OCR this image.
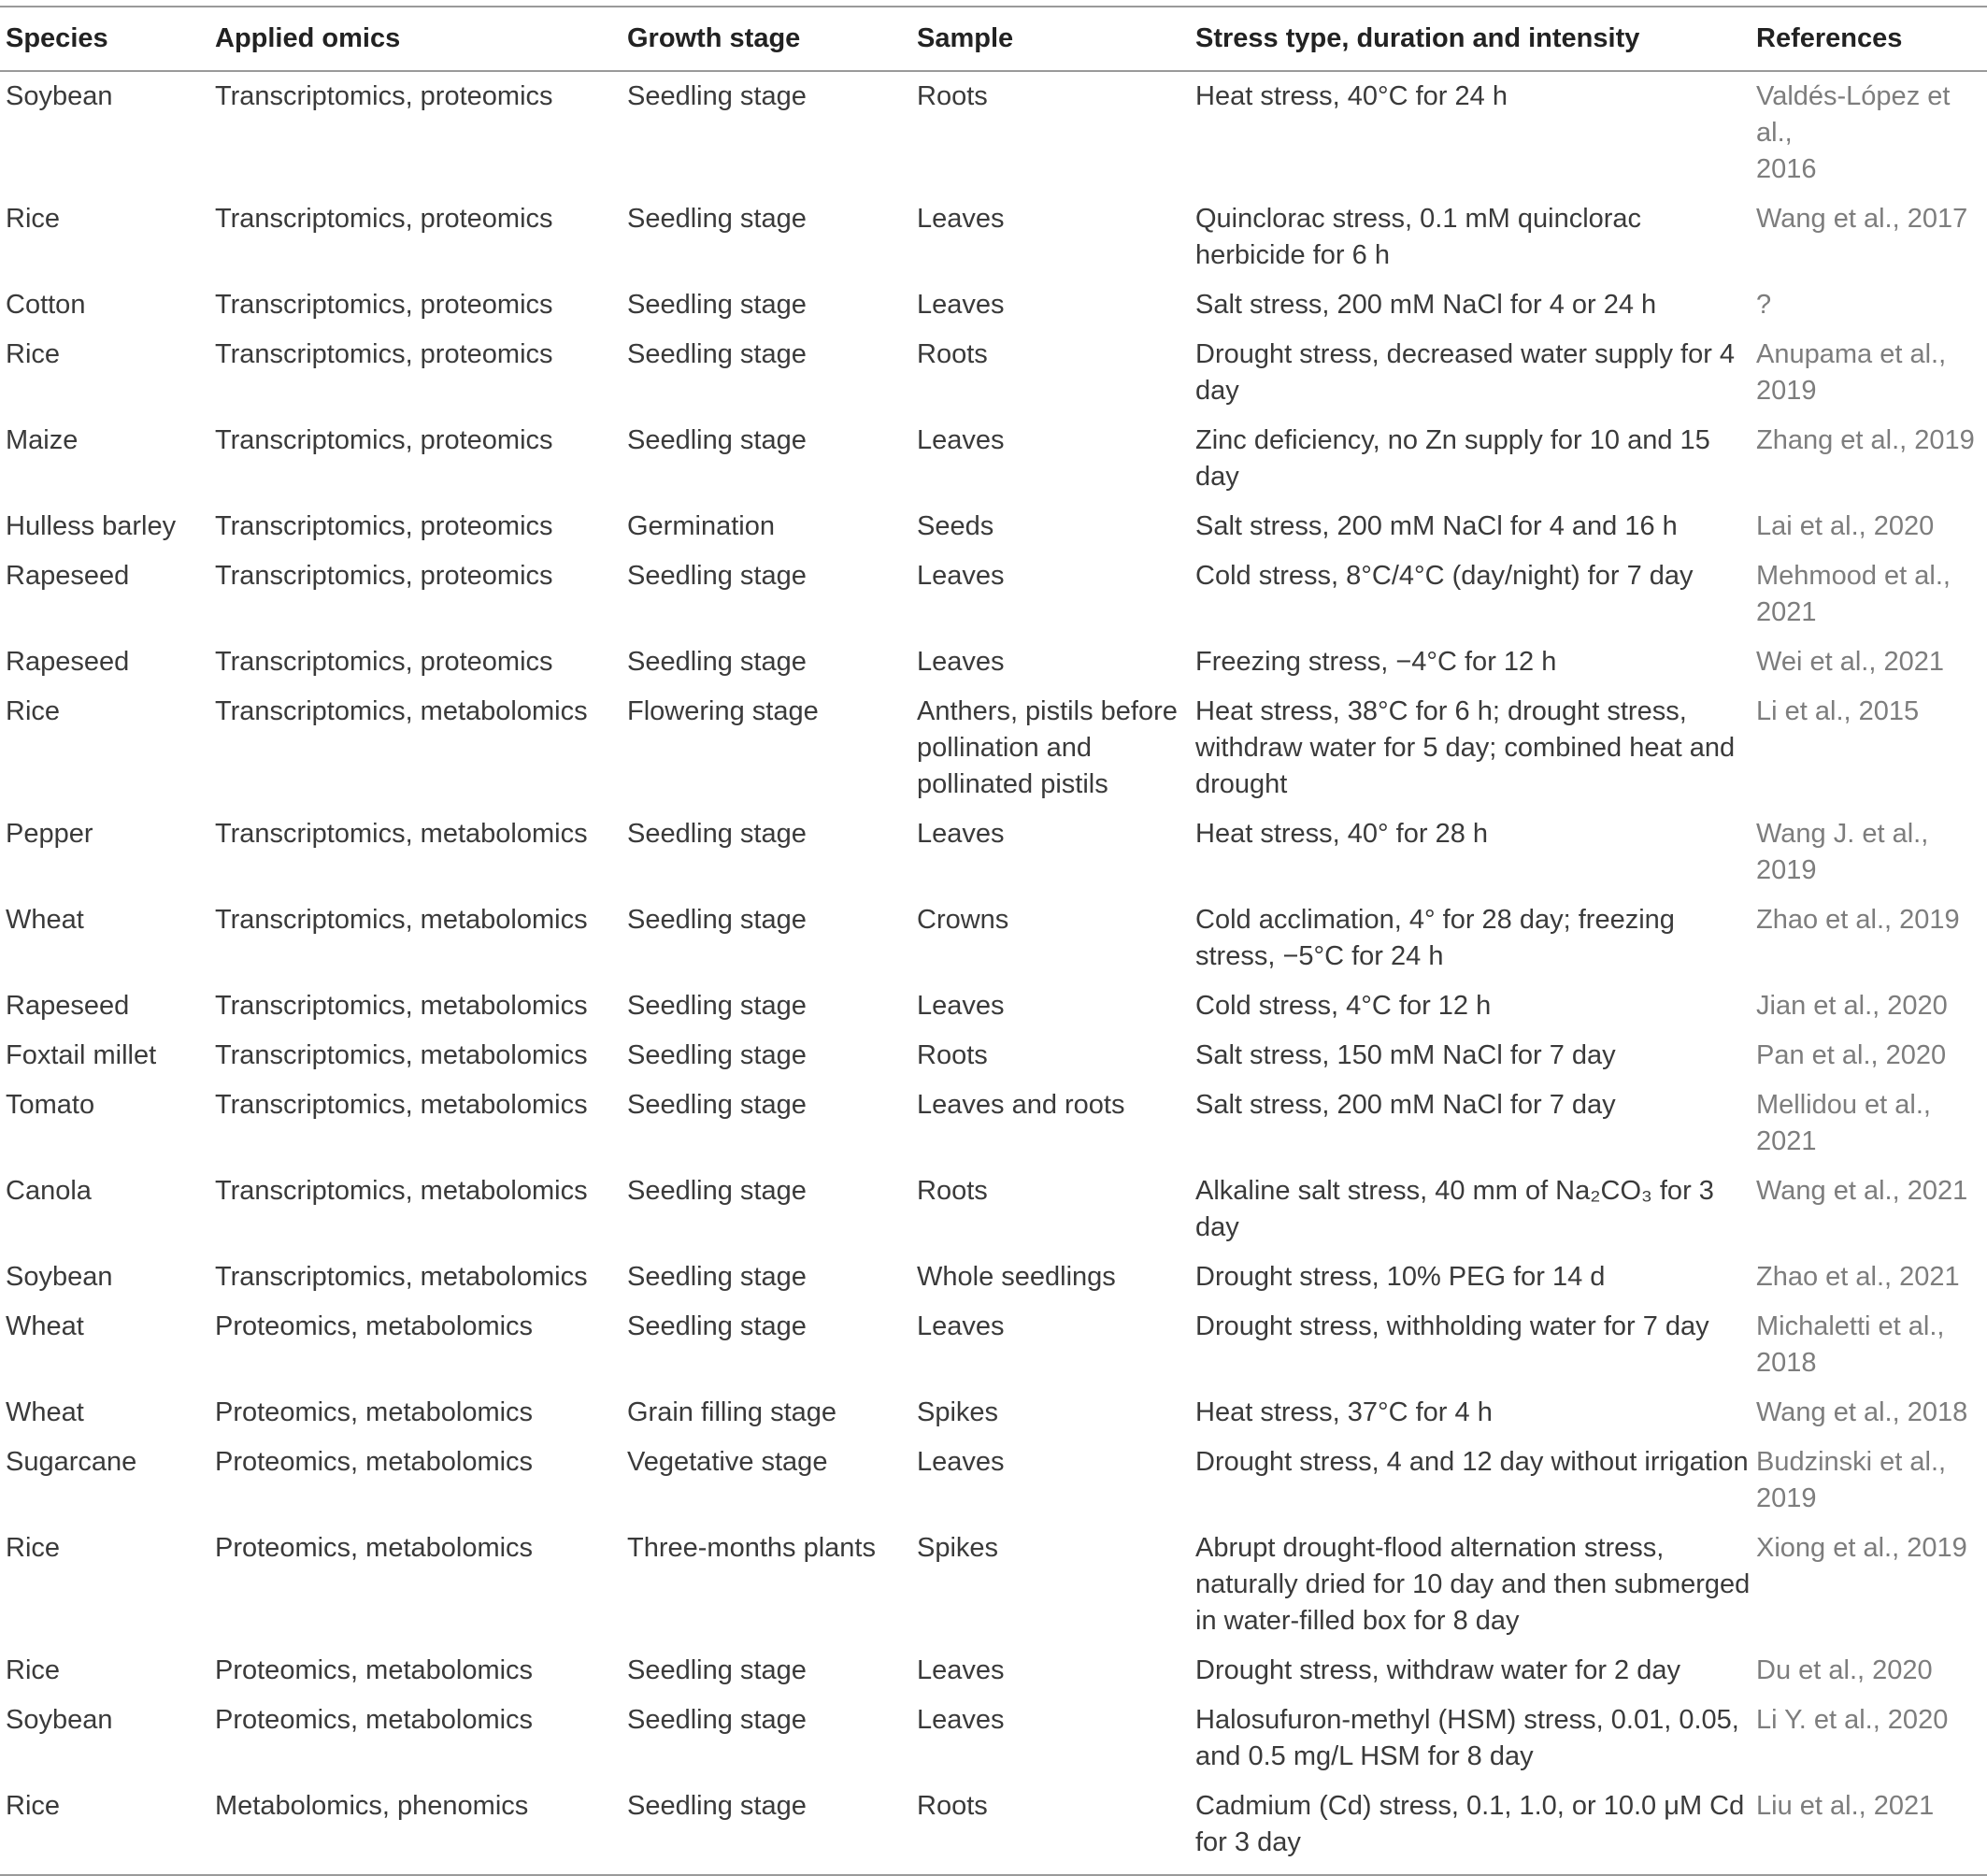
Species	Applied omics	Growth stage	Sample	Stress type, duration and intensity	References
Soybean	Transcriptomics, proteomics	Seedling stage	Roots	Heat stress, 40°C for 24 h	Valdés-López et al.,
2016
Rice	Transcriptomics, proteomics	Seedling stage	Leaves	Quinclorac stress, 0.1 mM quinclorac herbicide for 6 h	Wang et al., 2017
Cotton	Transcriptomics, proteomics	Seedling stage	Leaves	Salt stress, 200 mM NaCl for 4 or 24 h	?
Rice	Transcriptomics, proteomics	Seedling stage	Roots	Drought stress, decreased water supply for 4 day	Anupama et al.,
2019
Maize	Transcriptomics, proteomics	Seedling stage	Leaves	Zinc deficiency, no Zn supply for 10 and 15 day	Zhang et al., 2019
Hulless barley	Transcriptomics, proteomics	Germination	Seeds	Salt stress, 200 mM NaCl for 4 and 16 h	Lai et al., 2020
Rapeseed	Transcriptomics, proteomics	Seedling stage	Leaves	Cold stress, 8°C/4°C (day/night) for 7 day	Mehmood et al.,
2021
Rapeseed	Transcriptomics, proteomics	Seedling stage	Leaves	Freezing stress, −4°C for 12 h	Wei et al., 2021
Rice	Transcriptomics, metabolomics	Flowering stage	Anthers, pistils before pollination and pollinated pistils	Heat stress, 38°C for 6 h; drought stress, withdraw water for 5 day; combined heat and drought	Li et al., 2015
Pepper	Transcriptomics, metabolomics	Seedling stage	Leaves	Heat stress, 40° for 28 h	Wang J. et al.,
2019
Wheat	Transcriptomics, metabolomics	Seedling stage	Crowns	Cold acclimation, 4° for 28 day; freezing stress, −5°C for 24 h	Zhao et al., 2019
Rapeseed	Transcriptomics, metabolomics	Seedling stage	Leaves	Cold stress, 4°C for 12 h	Jian et al., 2020
Foxtail millet	Transcriptomics, metabolomics	Seedling stage	Roots	Salt stress, 150 mM NaCl for 7 day	Pan et al., 2020
Tomato	Transcriptomics, metabolomics	Seedling stage	Leaves and roots	Salt stress, 200 mM NaCl for 7 day	Mellidou et al.,
2021
Canola	Transcriptomics, metabolomics	Seedling stage	Roots	Alkaline salt stress, 40 mm of Na₂CO₃ for 3 day	Wang et al., 2021
Soybean	Transcriptomics, metabolomics	Seedling stage	Whole seedlings	Drought stress, 10% PEG for 14 d	Zhao et al., 2021
Wheat	Proteomics, metabolomics	Seedling stage	Leaves	Drought stress, withholding water for 7 day	Michaletti et al.,
2018
Wheat	Proteomics, metabolomics	Grain filling stage	Spikes	Heat stress, 37°C for 4 h	Wang et al., 2018
Sugarcane	Proteomics, metabolomics	Vegetative stage	Leaves	Drought stress, 4 and 12 day without irrigation	Budzinski et al.,
2019
Rice	Proteomics, metabolomics	Three-months plants	Spikes	Abrupt drought-flood alternation stress, naturally dried for 10 day and then submerged in water-filled box for 8 day	Xiong et al., 2019
Rice	Proteomics, metabolomics	Seedling stage	Leaves	Drought stress, withdraw water for 2 day	Du et al., 2020
Soybean	Proteomics, metabolomics	Seedling stage	Leaves	Halosufuron-methyl (HSM) stress, 0.01, 0.05, and 0.5 mg/L HSM for 8 day	Li Y. et al., 2020
Rice	Metabolomics, phenomics	Seedling stage	Roots	Cadmium (Cd) stress, 0.1, 1.0, or 10.0 μM Cd for 3 day	Liu et al., 2021
